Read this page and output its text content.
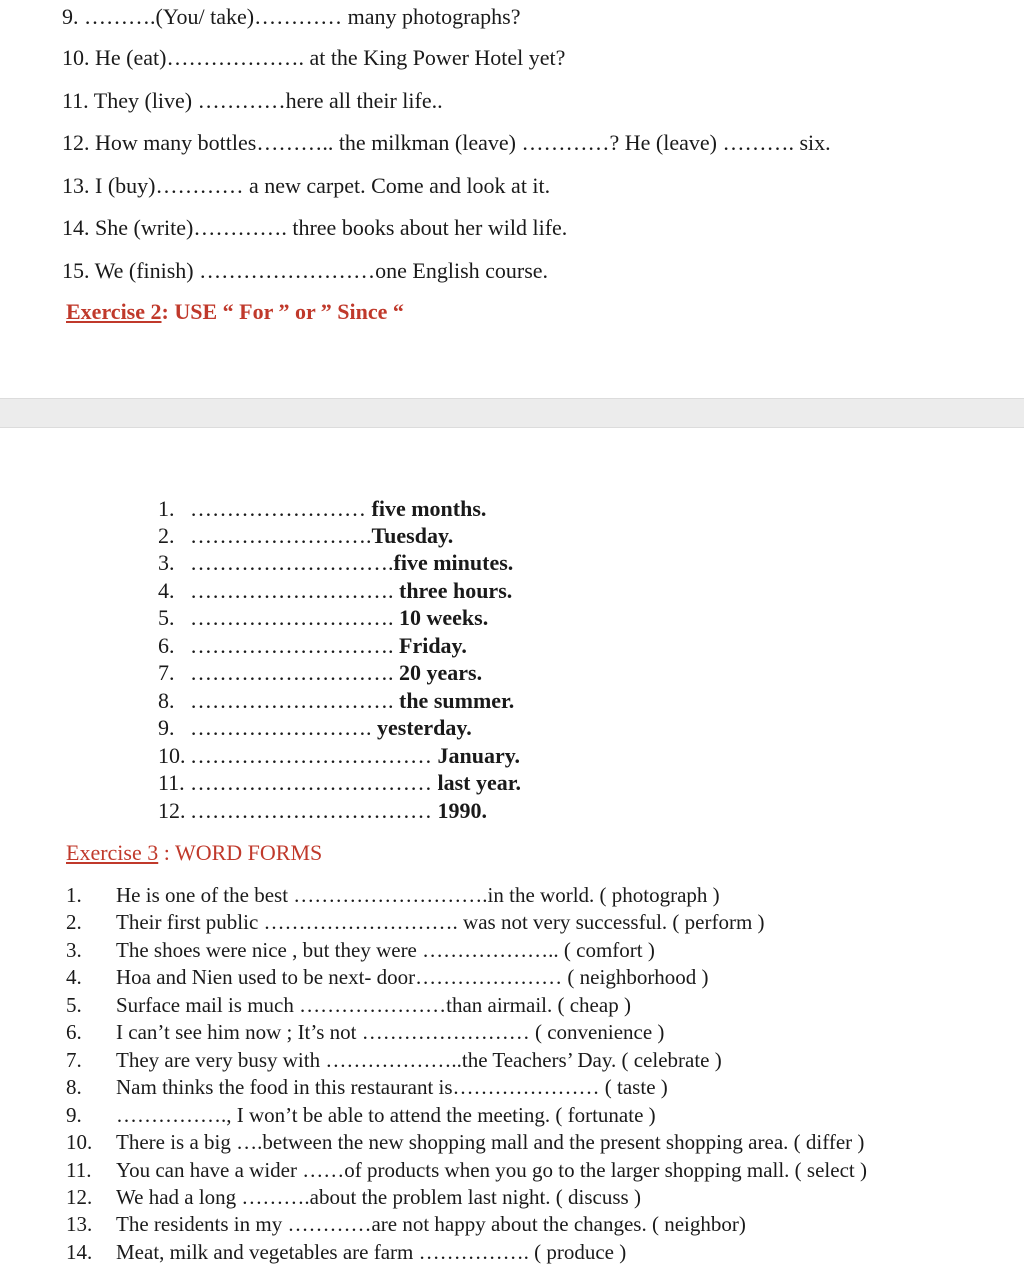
9. ……….(You/ take)………… many photographs?
10. He (eat)………………. at the King Power Hotel yet?
11. They (live) …………here all their life..
12. How many bottles……….. the milkman (leave) …………? He (leave) ………. six.
13. I (buy)………… a new carpet. Come and look at it.
14. She (write)…………. three books about her wild life.
15. We (finish) ……………………one English course.
Exercise 2: USE “ For ” or ” Since “
1. …………………… five months.
2. …………………….Tuesday.
3. ……………………….five minutes.
4. ………………………. three hours.
5. ………………………. 10 weeks.
6. ………………………. Friday.
7. ………………………. 20 years.
8. ………………………. the summer.
9. ……………………. yesterday.
10. …………………………… January.
11. …………………………… last year.
12. …………………………… 1990.
Exercise 3 : WORD FORMS
1. He is one of the best ……………………….in the world. ( photograph )
2. Their first public ………………………. was not very successful. ( perform )
3. The shoes were nice , but they were ……………….. ( comfort )
4. Hoa and Nien used to be next- door………………… ( neighborhood )
5. Surface mail is much …………………than airmail. ( cheap )
6. I can’t see him now ; It’s not …………………… ( convenience )
7. They are very busy with ………………..the Teachers’ Day. ( celebrate )
8. Nam thinks the food in this restaurant is………………… ( taste )
9. ……………., I won’t be able to attend the meeting. ( fortunate )
10. There is a big ….between the new shopping mall and the present shopping area. ( differ )
11. You can have a wider ……of products when you go to the larger shopping mall. ( select )
12. We had a long ……….about the problem last night. ( discuss )
13. The residents in my …………are not happy about the changes. ( neighbor)
14. Meat, milk and vegetables are farm ……………. ( produce )
